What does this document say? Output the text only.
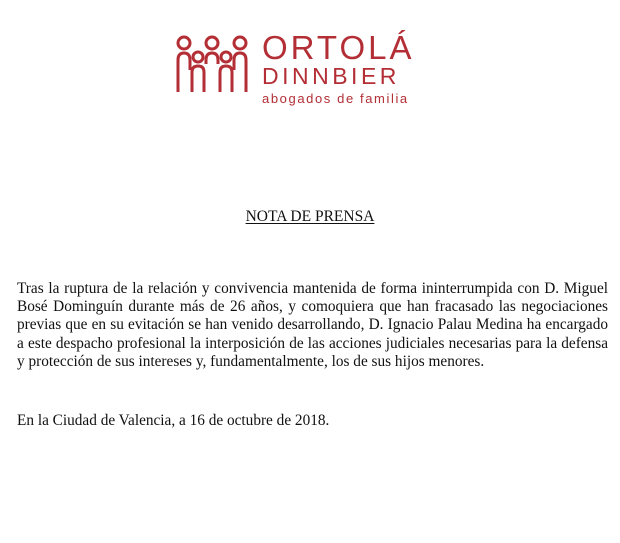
ORTOLÁ
DINNBIER
abogados de familia
NOTA DE PRENSA

Tras la ruptura de la relación y convivencia mantenida de forma ininterrumpida con D. Miguel Bosé Dominguín durante más de 26 años, y comoquiera que han fracasado las negociaciones previas que en su evitación se han venido desarrollando, D. Ignacio Palau Medina ha encargado a este despacho profesional la interposición de las acciones judiciales necesarias para la defensa y protección de sus intereses y, fundamentalmente, los de sus hijos menores.

En la Ciudad de Valencia, a 16 de octubre de 2018.
